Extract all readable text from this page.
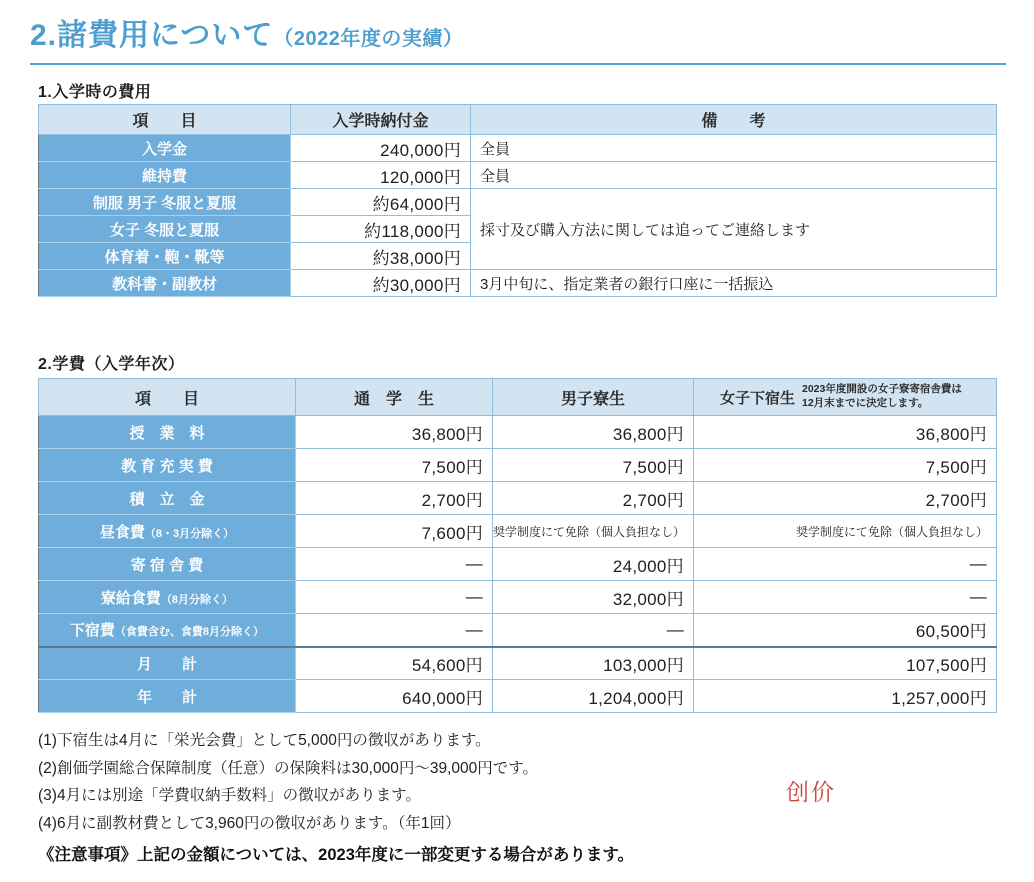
2.諸費用について（2022年度の実績）
1.入学時の費用
項　　目	入学時納付金	備　　考
入学金	240,000円	全員
維持費	120,000円	全員
制服 男子 冬服と夏服	約64,000円	採寸及び購入方法に関しては追ってご連絡します
女子 冬服と夏服	約118,000円	
体育着・鞄・靴等	約38,000円	
教科書・副教材	約30,000円	3月中旬に、指定業者の銀行口座に一括振込
2.学費（入学年次）
項　　目	通　学　生	男子寮生	女子下宿生
2023年度開設の女子寮寄宿舎費は12月末までに決定します。

授　業　料	36,800円	36,800円	36,800円
教 育 充 実 費	7,500円	7,500円	7,500円
積　立　金	2,700円	2,700円	2,700円
昼食費（8・3月分除く）	7,600円	奨学制度にて免除（個人負担なし）	奨学制度にて免除（個人負担なし）
寄 宿 舎 費	—	24,000円	—
寮給食費（8月分除く）	—	32,000円	—
下宿費（食費含む、食費8月分除く）	—	—	60,500円
月　　計	54,600円	103,000円	107,500円
年　　計	640,000円	1,204,000円	1,257,000円
(1)下宿生は4月に「栄光会費」として5,000円の徴収があります。
(2)創価学園総合保障制度（任意）の保険料は30,000円～39,000円です。
(3)4月には別途「学費収納手数料」の徴収があります。
(4)6月に副教材費として3,960円の徴収があります。（年1回）
《注意事項》上記の金額については、2023年度に一部変更する場合があります。
创价
